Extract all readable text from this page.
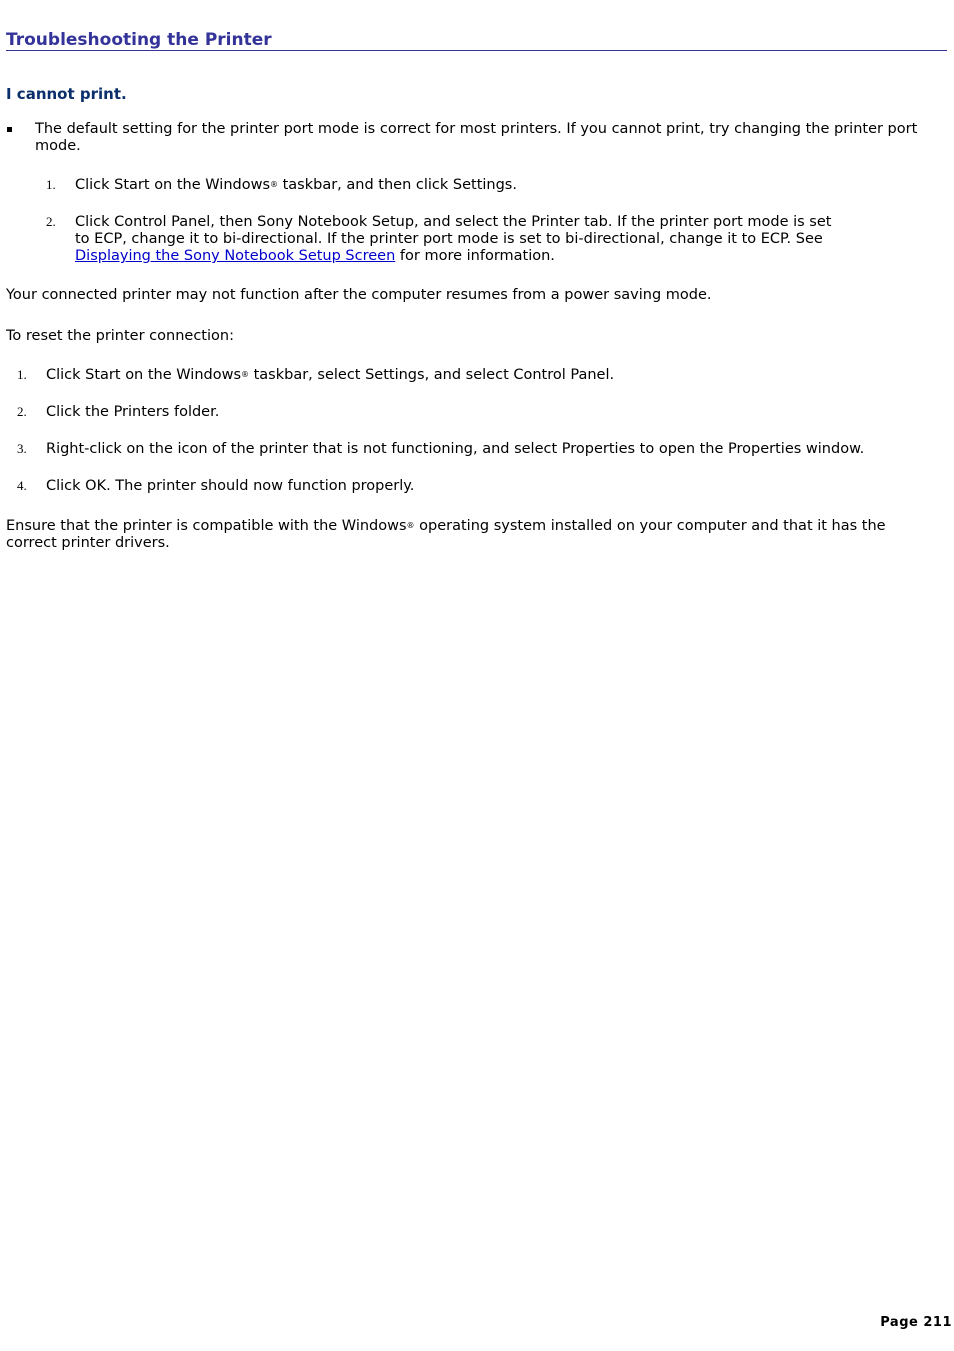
Troubleshooting the Printer
I cannot print.
The default setting for the printer port mode is correct for most printers. If you cannot print, try changing the printer port mode.
1. Click Start on the Windows® taskbar, and then click Settings.
2. Click Control Panel, then Sony Notebook Setup, and select the Printer tab. If the printer port mode is set
to ECP, change it to bi-directional. If the printer port mode is set to bi-directional, change it to ECP. See
Displaying the Sony Notebook Setup Screen for more information.
Your connected printer may not function after the computer resumes from a power saving mode.
To reset the printer connection:
1. Click Start on the Windows® taskbar, select Settings, and select Control Panel.
2. Click the Printers folder.
3. Right-click on the icon of the printer that is not functioning, and select Properties to open the Properties window.
4. Click OK. The printer should now function properly.
Ensure that the printer is compatible with the Windows® operating system installed on your computer and that it has the correct printer drivers.
Page 211
